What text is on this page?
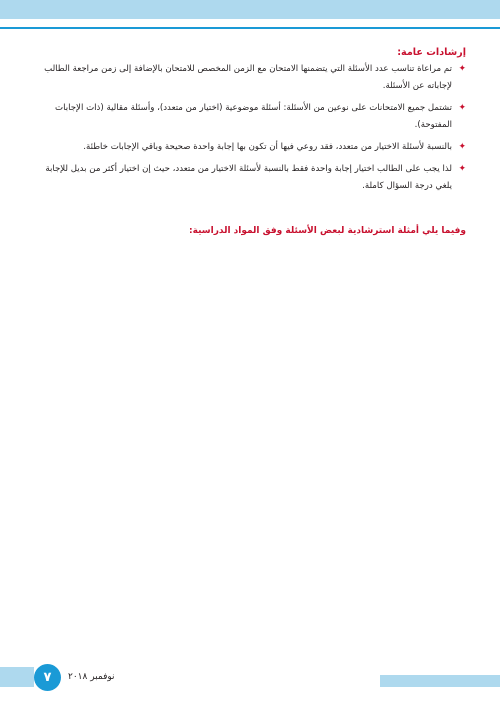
إرشادات عامة:
✦
تم مراعاة تناسب عدد الأسئلة التي يتضمنها الامتحان مع الزمن المخصص للامتحان بالإضافة إلى زمن مراجعة الطالب لإجاباته عن الأسئلة.
✦
تشتمل جميع الامتحانات على نوعين من الأسئلة: أسئلة موضوعية (اختيار من متعدد)، وأسئلة مقالية (ذات الإجابات المفتوحة).
✦
بالنسبة لأسئلة الاختيار من متعدد، فقد روعي فيها أن تكون بها إجابة واحدة صحيحة وباقي الإجابات خاطئة.
✦
لذا يجب على الطالب اختيار إجابة واحدة فقط بالنسبة لأسئلة الاختيار من متعدد، حيث إن اختيار أكثر من بديل للإجابة يلغي درجة السؤال كاملة.
وفيما يلي أمثلة استرشادية لبعض الأسئلة وفق المواد الدراسية:
٧	نوفمبر ٢٠١٨
